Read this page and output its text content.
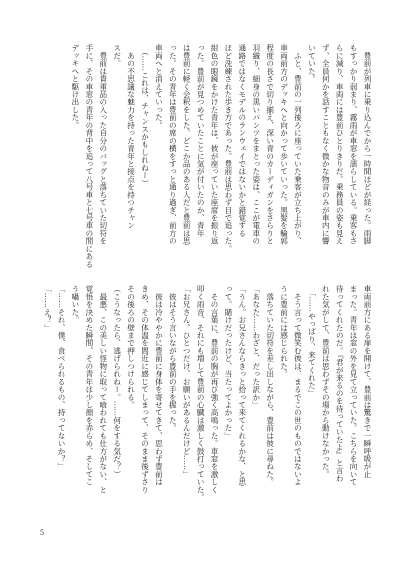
　豊前が列車に乗り込んでから一時間ほどが経った。雨脚
もすっかり弱まり、霧雨が車窓を濡らしている。乗客もさ
らに減り、車両には豊前ひとりきりだ。乗務員の姿も見え
ず、全員何かを話すこともなく微かな物音のみが車内に響
いていた。
　ふと、豊前の一列後ろに座っていた乗客が立ち上がり、
車両前方のデッキへと向かって歩いていった。黒髪を輪郭
程度の長さで切り揃え、深い青のカーディガンをさらりと
羽織り、細身の黒いパンツをまとった姿は、ここが電車の
通路ではなくモデルのランウェイではないかと錯覚する
ほど洗練された歩き方であった。豊前は思わず目で追った。
紺色の眼鏡をかけた青年は、彼が座っていた座席を振り返
った。豊前が見つめていたことに気が付いたのか、青年
は豊前に軽く会釈をした。どこか品のある人だと豊前は思
った。その青年は豊前の席の横をすっと通り過ぎ、前方の
車両へと消えていった。
　（……これは、チャンスかもしれねー）
　あの不思議な魅力を持った青年と接点を持つチャン
スだ。
　豊前は貴重品の入った自分のバッグと落ちていた切符を
手に、その車窓の青年の背中を追って八号車と七号車の間にある
デッキへと駆け出した。
車両前方にある扉を開けて、豊前は驚きで一瞬呼吸が止
まった。青年は窓の外を見て立っていた。こちらを向いて
待ってくれたのだ。『君が来るのを待っていたよ』と言わ
れた気がして、豊前は思わずその場から動けなかった。
　「……やっぱり、来てくれた」
　そう言って微笑む彼は、まるでこの世のものではないよ
うに豊前には感じられた。
　落ちていた切符を差し出しながら、豊前は彼に尋ねた。
「あなた……わざと、だった訳か」
「うん。お兄さんならきっと拾って来てくれるかな、と思
って。賭けだったけど、当たってよかった」
　その言葉に、豊前の胸が再び強く高鳴った。車窓を激しく
叩く雨音、それにも増して豊前の心臓は激しく鼓打っていた。
「お兄さん、ひとつだけ、お願いがあるんだけど……」
　彼はそう言いながら豊前の手を握った。
　彼は冷ややかに豊前に身体を寄せてきて、思わず豊前は
きめ、その体温を間近に感じてしまって、そのまま後ずさり
その後ろの壁まで押しつけられる。
（こうなったら、逃げられねー。……何をする気だ？）
　最悪、この美しい怪物に取って喰われても仕方がない、と
覚悟を決めた瞬間、その青年は少し顔を赤らめ、そしてこ
う囁いた。
「……それ、僕、食べられるもの、持ってないか？」
「……え？」
5
